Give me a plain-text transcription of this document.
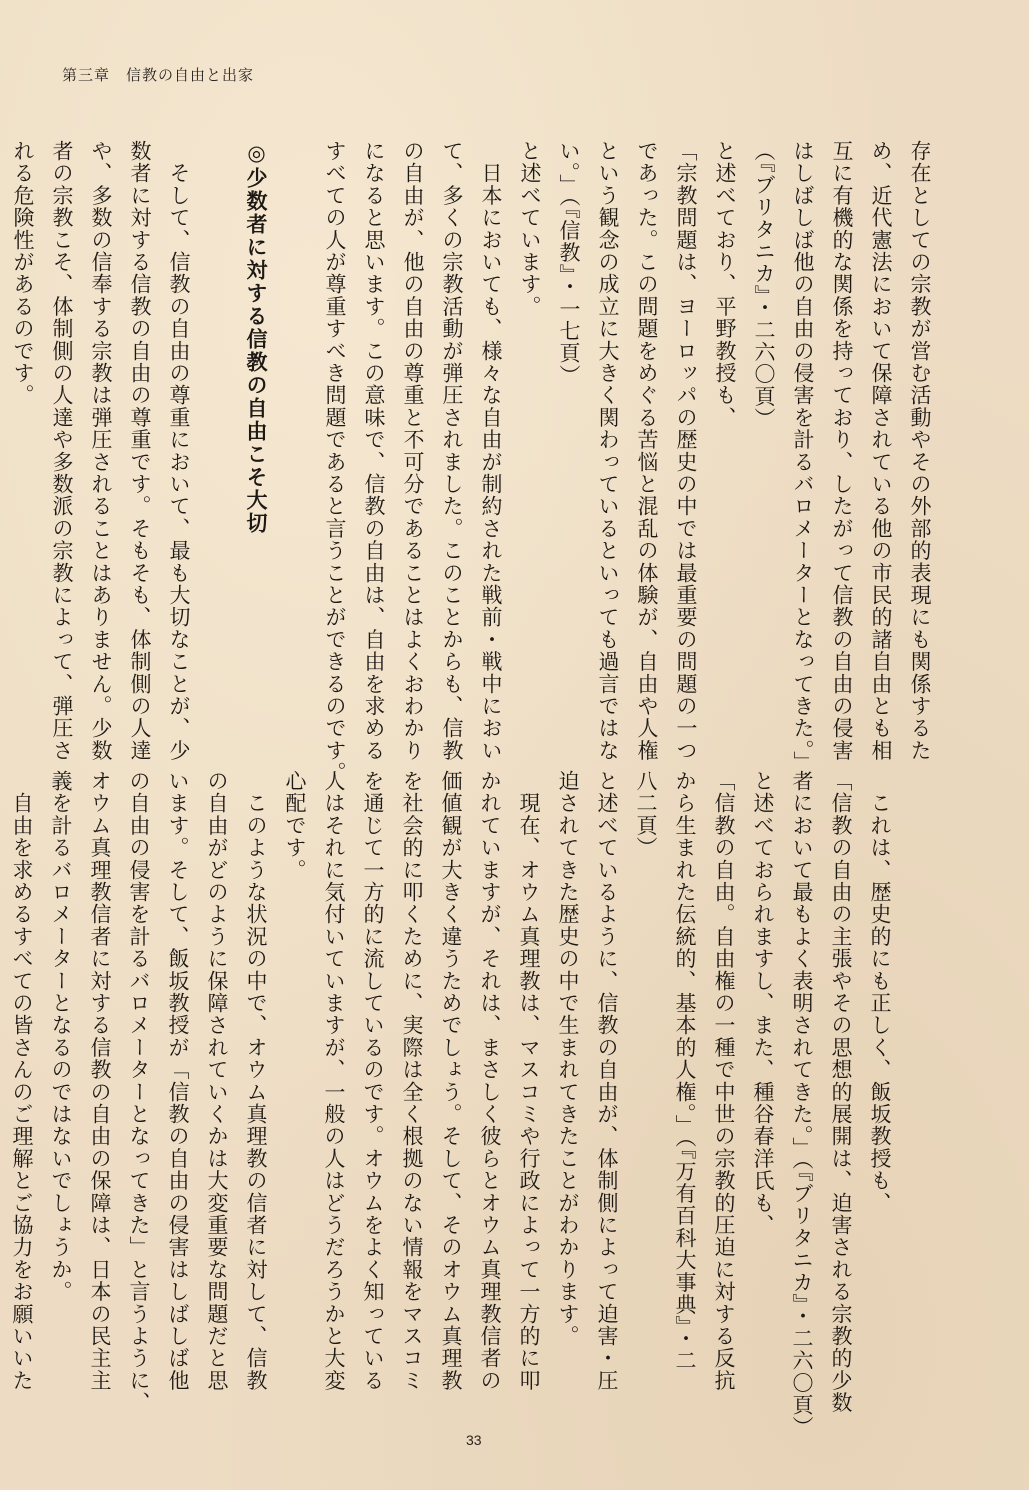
第三章　信教の自由と出家
存在としての宗教が営む活動やその外部的表現にも関係するた
め、近代憲法において保障されている他の市民的諸自由とも相
互に有機的な関係を持っており、したがって信教の自由の侵害
はしばしば他の自由の侵害を計るバロメーターとなってきた。」
（『ブリタニカ』・二六〇頁）
と述べており、平野教授も、
「宗教問題は、ヨーロッパの歴史の中では最重要の問題の一つ
であった。この問題をめぐる苦悩と混乱の体験が、自由や人権
という観念の成立に大きく関わっているといっても過言ではな
い。」（『信教』・一七頁）
と述べています。
　日本においても、様々な自由が制約された戦前・戦中におい
て、多くの宗教活動が弾圧されました。このことからも、信教
の自由が、他の自由の尊重と不可分であることはよくおわかり
になると思います。この意味で、信教の自由は、自由を求める
すべての人が尊重すべき問題であると言うことができるのです。

◎少数者に対する信教の自由こそ大切

　そして、信教の自由の尊重において、最も大切なことが、少
数者に対する信教の自由の尊重です。そもそも、体制側の人達
や、多数の信奉する宗教は弾圧されることはありません。少数
者の宗教こそ、体制側の人達や多数派の宗教によって、弾圧さ
れる危険性があるのです。
　これは、歴史的にも正しく、飯坂教授も、
「信教の自由の主張やその思想的展開は、迫害される宗教的少数
者において最もよく表明されてきた。」（『ブリタニカ』・二六〇頁）
と述べておられますし、また、種谷春洋氏も、
「信教の自由。自由権の一種で中世の宗教的圧迫に対する反抗
から生まれた伝統的、基本的人権。」（『万有百科大事典』・二
八二頁）
と述べているように、信教の自由が、体制側によって迫害・圧
迫されてきた歴史の中で生まれてきたことがわかります。
　現在、オウム真理教は、マスコミや行政によって一方的に叩
かれていますが、それは、まさしく彼らとオウム真理教信者の
価値観が大きく違うためでしょう。そして、そのオウム真理教
を社会的に叩くために、実際は全く根拠のない情報をマスコミ
を通じて一方的に流しているのです。オウムをよく知っている
人はそれに気付いていますが、一般の人はどうだろうかと大変
心配です。
　このような状況の中で、オウム真理教の信者に対して、信教
の自由がどのように保障されていくかは大変重要な問題だと思
います。そして、飯坂教授が「信教の自由の侵害はしばしば他
の自由の侵害を計るバロメーターとなってきた」と言うように、
オウム真理教信者に対する信教の自由の保障は、日本の民主主
義を計るバロメーターとなるのではないでしょうか。
　自由を求めるすべての皆さんのご理解とご協力をお願いいた
33
